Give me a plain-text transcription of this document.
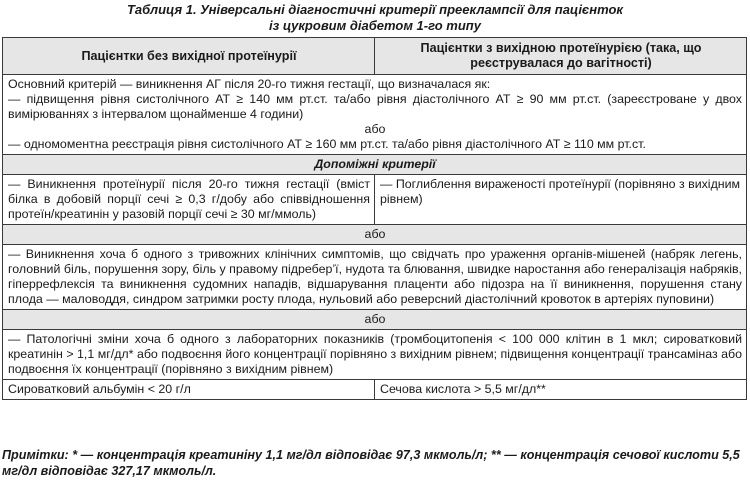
Таблиця 1. Універсальні діагностичні критерії прееклампсії для пацієнток
із цукровим діабетом 1-го типу
Пацієнтки без вихідної протеїнурії	Пацієнтки з вихідною протеїнурією (така, що реєструвалася до вагітності)

Основний критерій — виникнення АГ після 20-го тижня гестації, що визначалася як:
— підвищення рівня систолічного АТ ≥ 140 мм рт.ст. та/або рівня діастолічного АТ ≥ 90 мм рт.ст. (зареєстроване у двох вимірюваннях з інтервалом щонайменше 4 години)
або
— одномоментна реєстрація рівня систолічного АТ ≥ 160 мм рт.ст. та/або рівня діастолічного АТ ≥ 110 мм рт.ст.	

Допоміжні критерії	
— Виникнення протеїнурії після 20-го тижня гестації (вміст білка в добовій порції сечі ≥ 0,3 г/добу або співвідношення протеїн/креатинін у разовій порції сечі ≥ 30 мг/ммоль)	— Поглиблення вираженості протеїнурії (порівняно з вихідним рівнем)
або	
— Виникнення хоча б одного з тривожних клінічних симптомів, що свідчать про ураження органів-мішеней (набряк легень, головний біль, порушення зору, біль у правому підребер’ї, нудота та блювання, швидке наростання або генералізація набряків, гіперрефлексія та виникнення судомних нападів, відшарування плаценти або підозра на її виникнення, порушення стану плода — маловоддя, синдром затримки росту плода, нульовий або реверсний діастолічний кровоток в артеріях пуповини)	
або	
— Патологічні зміни хоча б одного з лабораторних показників (тромбоцитопенія < 100 000 клітин в 1 мкл; сироватковий креатинін > 1,1 мг/дл* або подвоєння його концентрації порівняно з вихідним рівнем; підвищення концентрації трансаміназ або подвоєння їх концентрації (порівняно з вихідним рівнем)	
Сироватковий альбумін < 20 г/л	Сечова кислота > 5,5 мг/дл**
Примітки: * — концентрація креатиніну 1,1 мг/дл відповідає 97,3 мкмоль/л; ** — концентрація сечової кислоти 5,5 мг/дл відповідає 327,17 мкмоль/л.
